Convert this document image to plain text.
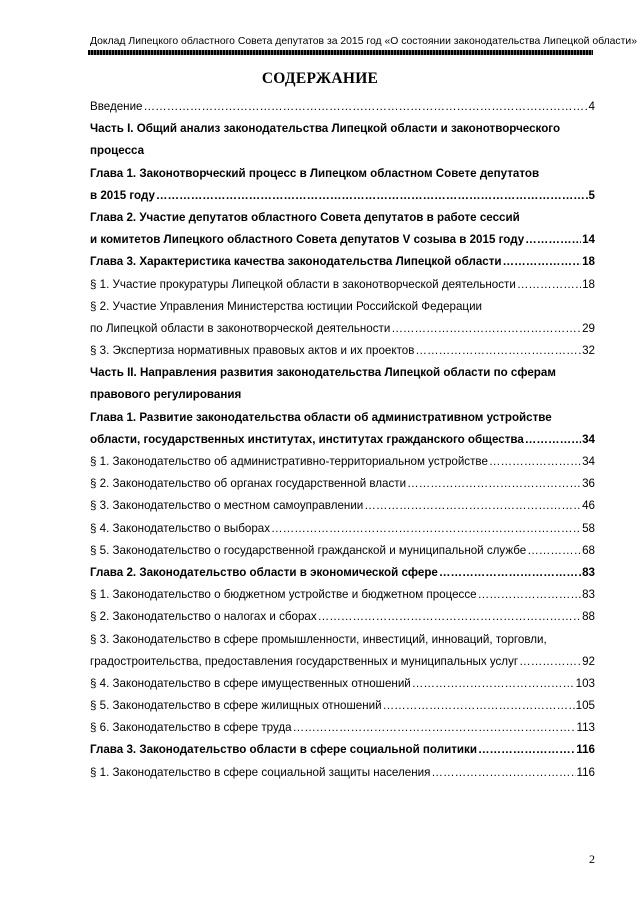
Доклад Липецкого областного Совета депутатов за 2015 год «О состоянии законодательства Липецкой области»
СОДЕРЖАНИЕ
Введение ……………………………………………………………………………………………………………………………………………………………………………………………………………………	4
Часть I. Общий анализ законодательства Липецкой области и законотворческого
процесса
Глава 1. Законотворческий процесс в Липецком областном Совете депутатов
в 2015 году ……………………………………………………………………………………………………………………………………………………………………………………………………………………	5
Глава 2. Участие депутатов областного Совета депутатов в работе сессий
и комитетов Липецкого областного Совета депутатов V созыва в 2015 году ……………………………………………………………………………………………………………………………………………………………………………………………………………………	14
Глава 3. Характеристика качества законодательства Липецкой области ……………………………………………………………………………………………………………………………………………………………………………………………………………………	18
§ 1. Участие прокуратуры Липецкой области в законотворческой деятельности ……………………………………………………………………………………………………………………………………………………………………………………………………………………	18
§ 2. Участие Управления Министерства юстиции Российской Федерации
по Липецкой области в законотворческой деятельности ……………………………………………………………………………………………………………………………………………………………………………………………………………………	29
§ 3. Экспертиза нормативных правовых актов и их проектов ……………………………………………………………………………………………………………………………………………………………………………………………………………………	32
Часть II. Направления развития законодательства Липецкой области по сферам
правового регулирования
Глава 1. Развитие законодательства области об административном устройстве
области, государственных институтах, институтах гражданского общества ……………………………………………………………………………………………………………………………………………………………………………………………………………………	34
§ 1. Законодательство об административно-территориальном устройстве ……………………………………………………………………………………………………………………………………………………………………………………………………………………	34
§ 2. Законодательство об органах государственной власти ……………………………………………………………………………………………………………………………………………………………………………………………………………………	36
§ 3. Законодательство о местном самоуправлении ……………………………………………………………………………………………………………………………………………………………………………………………………………………	46
§ 4. Законодательство о выборах ……………………………………………………………………………………………………………………………………………………………………………………………………………………	58
§ 5. Законодательство о государственной гражданской и муниципальной службе ……………………………………………………………………………………………………………………………………………………………………………………………………………………	68
Глава 2. Законодательство области в экономической сфере ……………………………………………………………………………………………………………………………………………………………………………………………………………………	83
§ 1. Законодательство о бюджетном устройстве и бюджетном процессе ……………………………………………………………………………………………………………………………………………………………………………………………………………………	83
§ 2. Законодательство о налогах и сборах ……………………………………………………………………………………………………………………………………………………………………………………………………………………	88
§ 3. Законодательство в сфере промышленности, инвестиций, инноваций, торговли,
градостроительства, предоставления государственных и муниципальных услуг ……………………………………………………………………………………………………………………………………………………………………………………………………………………	92
§ 4. Законодательство в сфере имущественных отношений ……………………………………………………………………………………………………………………………………………………………………………………………………………………	103
§ 5. Законодательство в сфере жилищных отношений ……………………………………………………………………………………………………………………………………………………………………………………………………………………	105
§ 6. Законодательство в сфере труда ……………………………………………………………………………………………………………………………………………………………………………………………………………………	113
Глава 3. Законодательство области в сфере социальной политики ……………………………………………………………………………………………………………………………………………………………………………………………………………………	116
§ 1. Законодательство в сфере социальной защиты населения ……………………………………………………………………………………………………………………………………………………………………………………………………………………	116
2
